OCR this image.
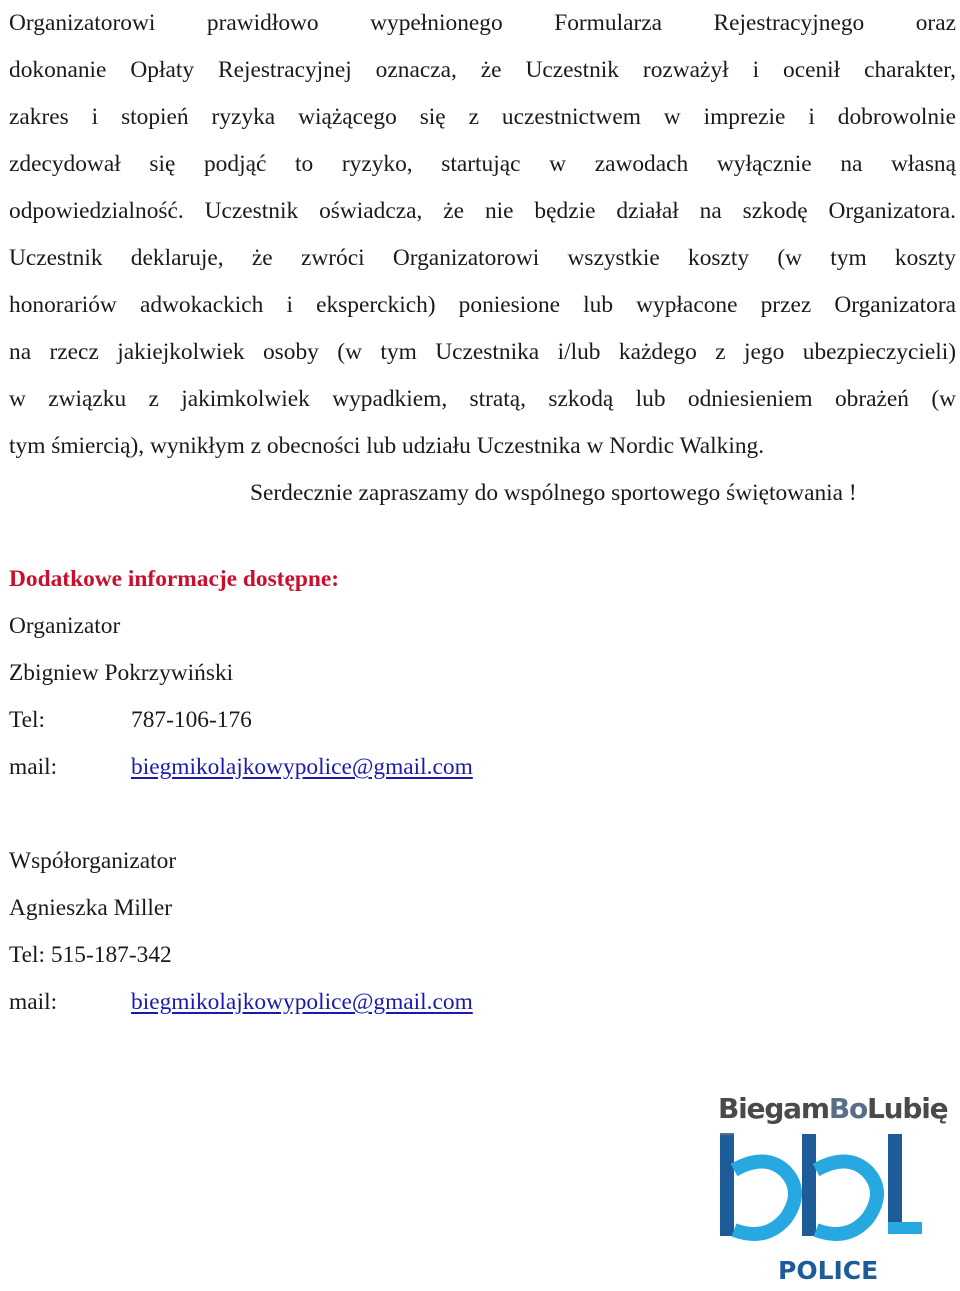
Organizatorowi prawidłowo wypełnionego Formularza Rejestracyjnego oraz
dokonanie Opłaty Rejestracyjnej oznacza, że Uczestnik rozważył i ocenił charakter,
zakres i stopień ryzyka wiążącego się z uczestnictwem w imprezie i dobrowolnie
zdecydował się podjąć to ryzyko, startując w zawodach wyłącznie na własną
odpowiedzialność. Uczestnik oświadcza, że nie będzie działał na szkodę Organizatora.
Uczestnik deklaruje, że zwróci Organizatorowi wszystkie koszty (w tym koszty
honorariów adwokackich i eksperckich) poniesione lub wypłacone przez Organizatora
na rzecz jakiejkolwiek osoby (w tym Uczestnika i/lub każdego z jego ubezpieczycieli)
w związku z jakimkolwiek wypadkiem, stratą, szkodą lub odniesieniem obrażeń (w
tym śmiercią), wynikłym z obecności lub udziału Uczestnika w Nordic Walking.
Serdecznie zapraszamy do wspólnego sportowego świętowania !
Dodatkowe informacje dostępne:
Organizator
Zbigniew Pokrzywiński
Tel:	787-106-176
mail:	biegmikolajkowypolice@gmail.com
Współorganizator
Agnieszka Miller
Tel: 515-187-342
mail:	biegmikolajkowypolice@gmail.com
BiegamBoLubię
POLICE
